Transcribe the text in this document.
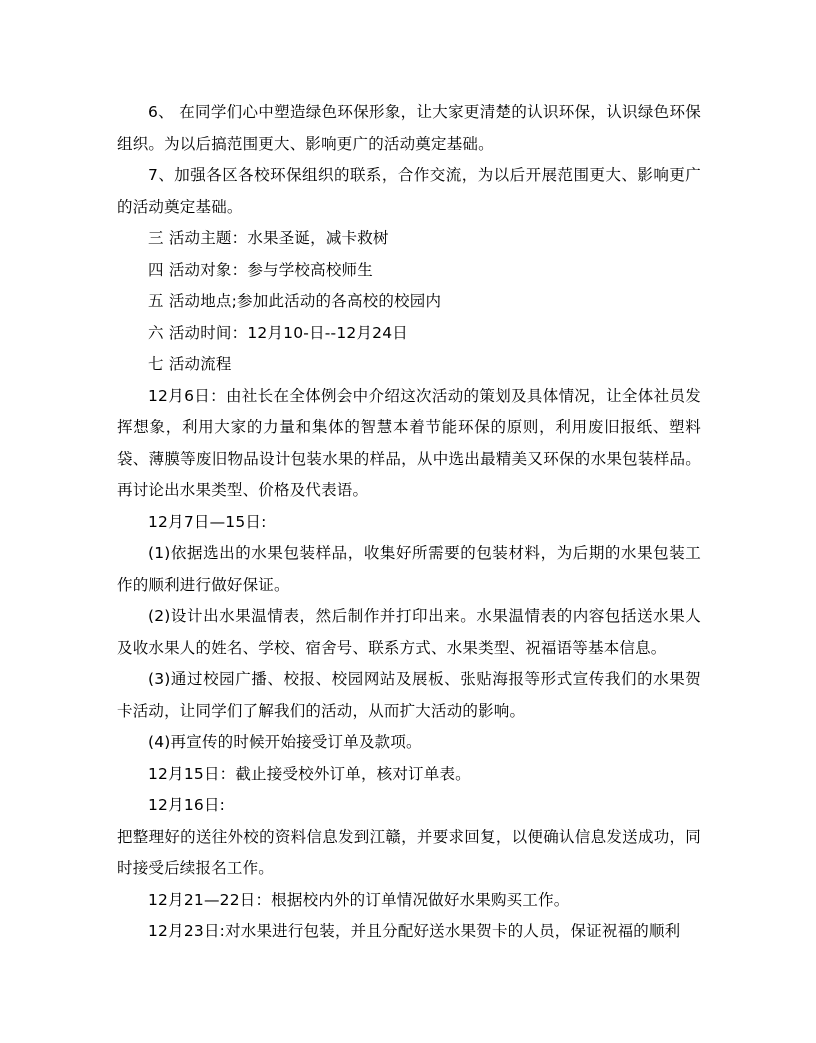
6、 在同学们心中塑造绿色环保形象，让大家更清楚的认识环保，认识绿色环保组织。为以后搞范围更大、影响更广的活动奠定基础。

7、加强各区各校环保组织的联系，合作交流，为以后开展范围更大、影响更广的活动奠定基础。

三 活动主题：水果圣诞，减卡救树

四 活动对象：参与学校高校师生

五 活动地点;参加此活动的各高校的校园内

六 活动时间：12月10-日--12月24日

七 活动流程

12月6日：由社长在全体例会中介绍这次活动的策划及具体情况，让全体社员发挥想象，利用大家的力量和集体的智慧本着节能环保的原则，利用废旧报纸、塑料袋、薄膜等废旧物品设计包装水果的样品，从中选出最精美又环保的水果包装样品。 再讨论出水果类型、价格及代表语。

12月7日—15日:

(1)依据选出的水果包装样品，收集好所需要的包装材料，为后期的水果包装工作的顺利进行做好保证。

(2)设计出水果温情表，然后制作并打印出来。水果温情表的内容包括送水果人及收水果人的姓名、学校、宿舍号、联系方式、水果类型、祝福语等基本信息。

(3)通过校园广播、校报、校园网站及展板、张贴海报等形式宣传我们的水果贺卡活动，让同学们了解我们的活动，从而扩大活动的影响。

(4)再宣传的时候开始接受订单及款项。

12月15日：截止接受校外订单，核对订单表。

12月16日:

把整理好的送往外校的资料信息发到江赣，并要求回复，以便确认信息发送成功，同时接受后续报名工作。

12月21—22日：根据校内外的订单情况做好水果购买工作。

12月23日:对水果进行包装，并且分配好送水果贺卡的人员，保证祝福的顺利
